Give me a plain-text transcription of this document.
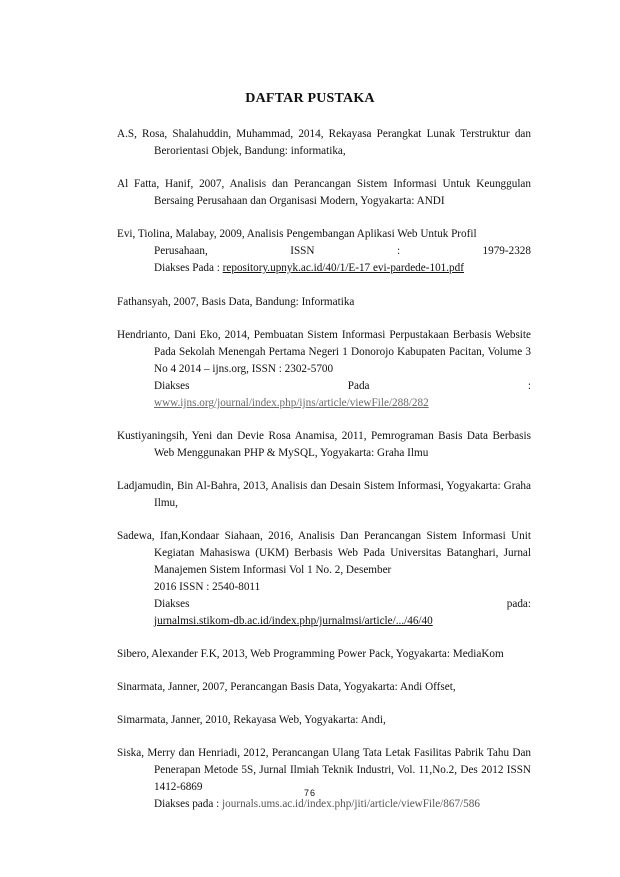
DAFTAR PUSTAKA
A.S, Rosa, Shalahuddin, Muhammad, 2014, Rekayasa Perangkat Lunak Terstruktur dan Berorientasi Objek, Bandung: informatika,
Al Fatta, Hanif, 2007, Analisis dan Perancangan Sistem Informasi Untuk Keunggulan Bersaing Perusahaan dan Organisasi Modern, Yogyakarta: ANDI
Evi, Tiolina, Malabay, 2009, Analisis Pengembangan Aplikasi Web Untuk Profil
Perusahaan, ISSN : 1979-2328
Diakses Pada : repository.upnyk.ac.id/40/1/E-17 evi-pardede-101.pdf
Fathansyah, 2007, Basis Data, Bandung: Informatika
Hendrianto, Dani Eko, 2014, Pembuatan Sistem Informasi Perpustakaan Berbasis Website Pada Sekolah Menengah Pertama Negeri 1 Donorojo Kabupaten Pacitan, Volume 3 No 4 2014 – ijns.org, ISSN : 2302-5700
Diakses Pada :
www.ijns.org/journal/index.php/ijns/article/viewFile/288/282
Kustiyaningsih, Yeni dan Devie Rosa Anamisa, 2011, Pemrograman Basis Data Berbasis Web Menggunakan PHP & MySQL, Yogyakarta: Graha Ilmu
Ladjamudin, Bin Al-Bahra, 2013, Analisis dan Desain Sistem Informasi, Yogyakarta: Graha Ilmu,
Sadewa, Ifan,Kondaar Siahaan, 2016, Analisis Dan Perancangan Sistem Informasi Unit Kegiatan Mahasiswa (UKM) Berbasis Web Pada Universitas Batanghari, Jurnal Manajemen Sistem Informasi Vol 1 No. 2, Desember
2016 ISSN : 2540-8011
Diakses pada:
jurnalmsi.stikom-db.ac.id/index.php/jurnalmsi/article/.../46/40
Sibero, Alexander F.K, 2013, Web Programming Power Pack, Yogyakarta: MediaKom
Sinarmata, Janner, 2007, Perancangan Basis Data, Yogyakarta: Andi Offset,
Simarmata, Janner, 2010, Rekayasa Web, Yogyakarta: Andi,
Siska, Merry dan Henriadi, 2012, Perancangan Ulang Tata Letak Fasilitas Pabrik Tahu Dan Penerapan Metode 5S, Jurnal Ilmiah Teknik Industri, Vol. 11,No.2, Des 2012 ISSN 1412-6869
Diakses pada : journals.ums.ac.id/index.php/jiti/article/viewFile/867/586
76
